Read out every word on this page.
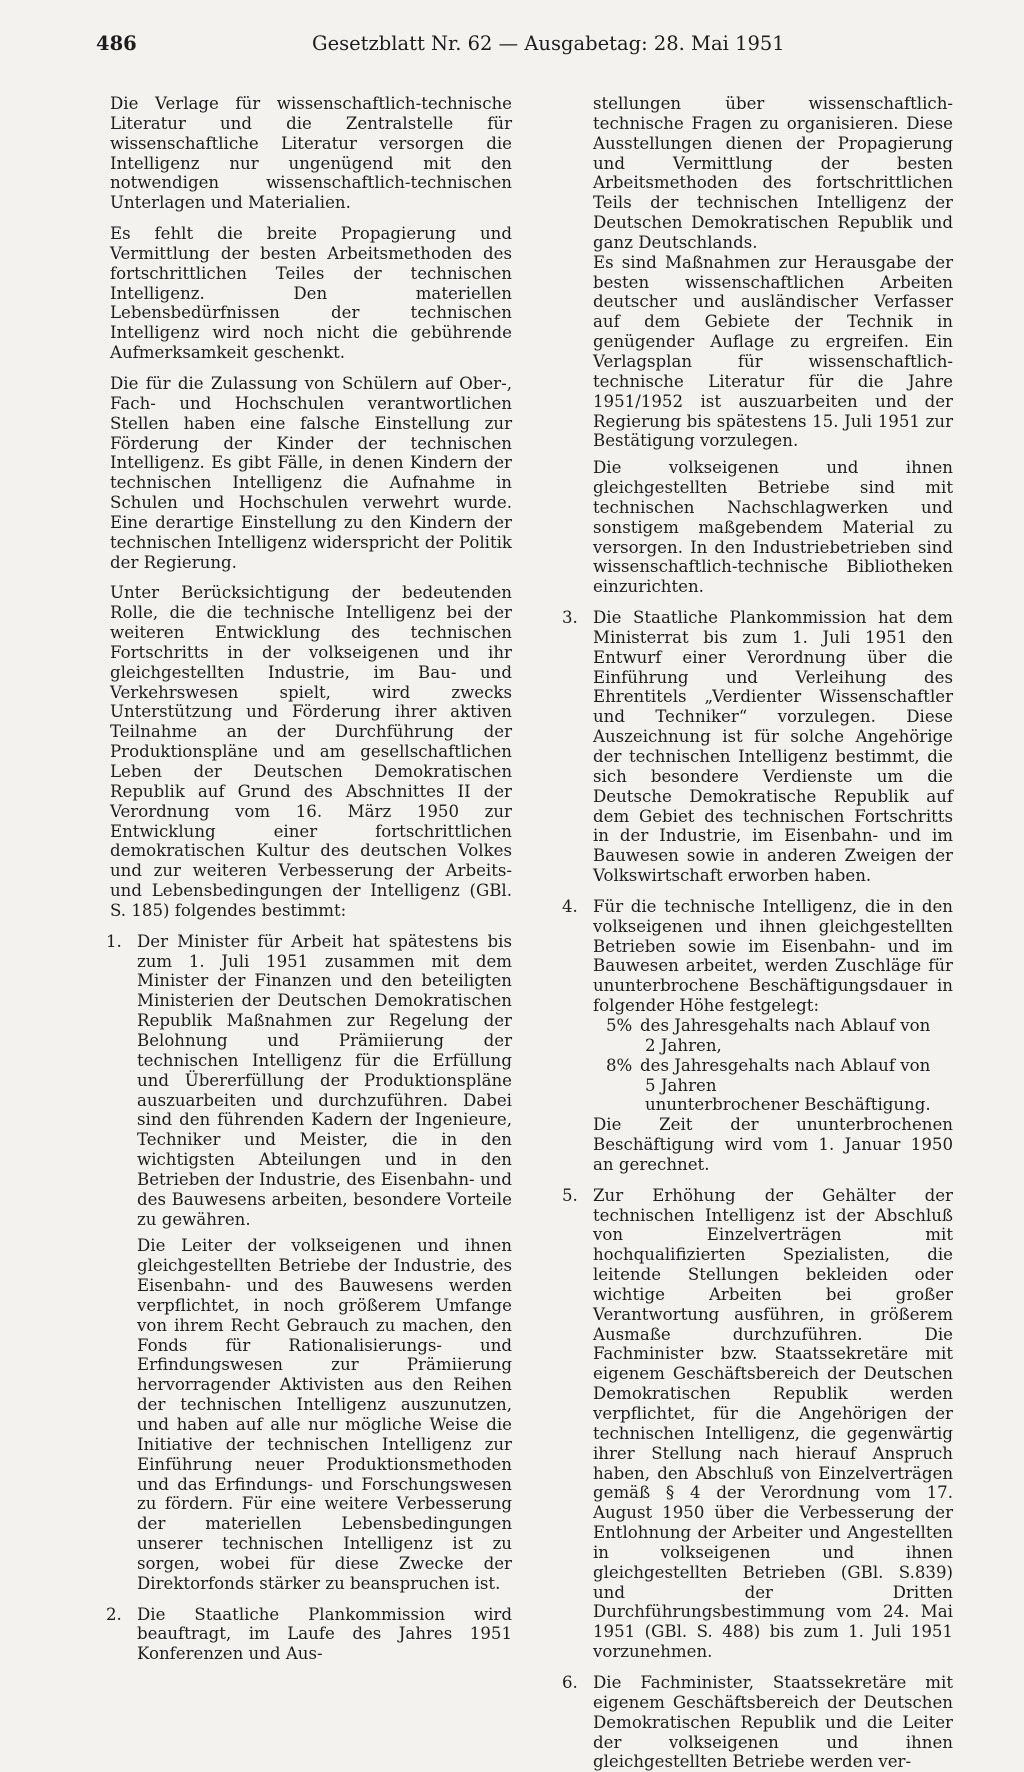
486	Gesetzblatt Nr. 62 — Ausgabetag: 28. Mai 1951

Die Verlage für wissenschaftlich-technische Literatur und die Zentralstelle für wissenschaftliche Literatur versorgen die Intelligenz nur ungenügend mit den notwendigen wissenschaftlich-technischen Unterlagen und Materialien.

Es fehlt die breite Propagierung und Vermittlung der besten Arbeitsmethoden des fortschrittlichen Teiles der technischen Intelligenz. Den materiellen Lebensbedürfnissen der technischen Intelligenz wird noch nicht die gebührende Aufmerksamkeit geschenkt.

Die für die Zulassung von Schülern auf Ober-, Fach- und Hochschulen verantwortlichen Stellen haben eine falsche Einstellung zur Förderung der Kinder der technischen Intelligenz. Es gibt Fälle, in denen Kindern der technischen Intelligenz die Aufnahme in Schulen und Hochschulen verwehrt wurde. Eine derartige Einstellung zu den Kindern der technischen Intelligenz widerspricht der Politik der Regierung.

Unter Berücksichtigung der bedeutenden Rolle, die die technische Intelligenz bei der weiteren Entwicklung des technischen Fortschritts in der volkseigenen und ihr gleichgestellten Industrie, im Bau- und Verkehrswesen spielt, wird zwecks Unterstützung und Förderung ihrer aktiven Teilnahme an der Durchführung der Produktionspläne und am gesellschaftlichen Leben der Deutschen Demokratischen Republik auf Grund des Abschnittes II der Verordnung vom 16. März 1950 zur Entwicklung einer fortschrittlichen demokratischen Kultur des deutschen Volkes und zur weiteren Verbesserung der Arbeits- und Lebensbedingungen der Intelligenz (GBl. S. 185) folgendes bestimmt:

1. Der Minister für Arbeit hat spätestens bis zum 1. Juli 1951 zusammen mit dem Minister der Finanzen und den beteiligten Ministerien der Deutschen Demokratischen Republik Maßnahmen zur Regelung der Belohnung und Prämiierung der technischen Intelligenz für die Erfüllung und Übererfüllung der Produktionspläne auszuarbeiten und durchzuführen. Dabei sind den führenden Kadern der Ingenieure, Techniker und Meister, die in den wichtigsten Abteilungen und in den Betrieben der Industrie, des Eisenbahn- und des Bauwesens arbeiten, besondere Vorteile zu gewähren.

Die Leiter der volkseigenen und ihnen gleichgestellten Betriebe der Industrie, des Eisenbahn- und des Bauwesens werden verpflichtet, in noch größerem Umfange von ihrem Recht Gebrauch zu machen, den Fonds für Rationalisierungs- und Erfindungswesen zur Prämiierung hervorragender Aktivisten aus den Reihen der technischen Intelligenz auszunutzen, und haben auf alle nur mögliche Weise die Initiative der technischen Intelligenz zur Einführung neuer Produktionsmethoden und das Erfindungs- und Forschungswesen zu fördern. Für eine weitere Verbesserung der materiellen Lebensbedingungen unserer technischen Intelligenz ist zu sorgen, wobei für diese Zwecke der Direktorfonds stärker zu beanspruchen ist.

2. Die Staatliche Plankommission wird beauftragt, im Laufe des Jahres 1951 Konferenzen und Aus-

stellungen über wissenschaftlich-technische Fragen zu organisieren. Diese Ausstellungen dienen der Propagierung und Vermittlung der besten Arbeitsmethoden des fortschrittlichen Teils der technischen Intelligenz der Deutschen Demokratischen Republik und ganz Deutschlands.

Es sind Maßnahmen zur Herausgabe der besten wissenschaftlichen Arbeiten deutscher und ausländischer Verfasser auf dem Gebiete der Technik in genügender Auflage zu ergreifen. Ein Verlagsplan für wissenschaftlich-technische Literatur für die Jahre 1951/1952 ist auszuarbeiten und der Regierung bis spätestens 15. Juli 1951 zur Bestätigung vorzulegen.

Die volkseigenen und ihnen gleichgestellten Betriebe sind mit technischen Nachschlagwerken und sonstigem maßgebendem Material zu versorgen. In den Industriebetrieben sind wissenschaftlich-technische Bibliotheken einzurichten.

3. Die Staatliche Plankommission hat dem Ministerrat bis zum 1. Juli 1951 den Entwurf einer Verordnung über die Einführung und Verleihung des Ehrentitels „Verdienter Wissenschaftler und Techniker“ vorzulegen. Diese Auszeichnung ist für solche Angehörige der technischen Intelligenz bestimmt, die sich besondere Verdienste um die Deutsche Demokratische Republik auf dem Gebiet des technischen Fortschritts in der Industrie, im Eisenbahn- und im Bauwesen sowie in anderen Zweigen der Volkswirtschaft erworben haben.

4. Für die technische Intelligenz, die in den volkseigenen und ihnen gleichgestellten Betrieben sowie im Eisenbahn- und im Bauwesen arbeitet, werden Zuschläge für ununterbrochene Beschäftigungsdauer in folgender Höhe festgelegt:

5% des Jahresgehalts nach Ablauf von
2 Jahren,
8% des Jahresgehalts nach Ablauf von
5 Jahren
ununterbrochener Beschäftigung.

Die Zeit der ununterbrochenen Beschäftigung wird vom 1. Januar 1950 an gerechnet.

5. Zur Erhöhung der Gehälter der technischen Intelligenz ist der Abschluß von Einzelverträgen mit hochqualifizierten Spezialisten, die leitende Stellungen bekleiden oder wichtige Arbeiten bei großer Verantwortung ausführen, in größerem Ausmaße durchzuführen. Die Fachminister bzw. Staatssekretäre mit eigenem Geschäftsbereich der Deutschen Demokratischen Republik werden verpflichtet, für die Angehörigen der technischen Intelligenz, die gegenwärtig ihrer Stellung nach hierauf Anspruch haben, den Abschluß von Einzelverträgen gemäß § 4 der Verordnung vom 17. August 1950 über die Verbesserung der Entlohnung der Arbeiter und Angestellten in volkseigenen und ihnen gleichgestellten Betrieben (GBl. S.839) und der Dritten Durchführungsbestimmung vom 24. Mai 1951 (GBl. S. 488) bis zum 1. Juli 1951 vorzunehmen.

6. Die Fachminister, Staatssekretäre mit eigenem Geschäftsbereich der Deutschen Demokratischen Republik und die Leiter der volkseigenen und ihnen gleichgestellten Betriebe werden ver-
